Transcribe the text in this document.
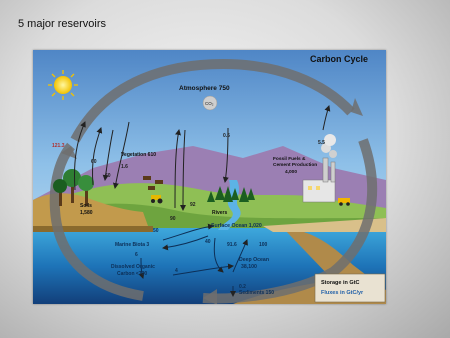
5 major reservoirs
Carbon Cycle
Storage in GtC
Fluxes in GtC/yr
Atmosphere 750
CO₂
Vegetation 610
Soils
1,580
Fossil Fuels &
Cement Production
4,000
Rivers
Surface Ocean 1,020
Marine Biota 3
Dissolved Organic
Carbon <700
Deep Ocean
38,100
Sediments 150
121.3
60
60
1.6
0.5
5.5
92
90
50
40	91.6	100
6
4
0.2
